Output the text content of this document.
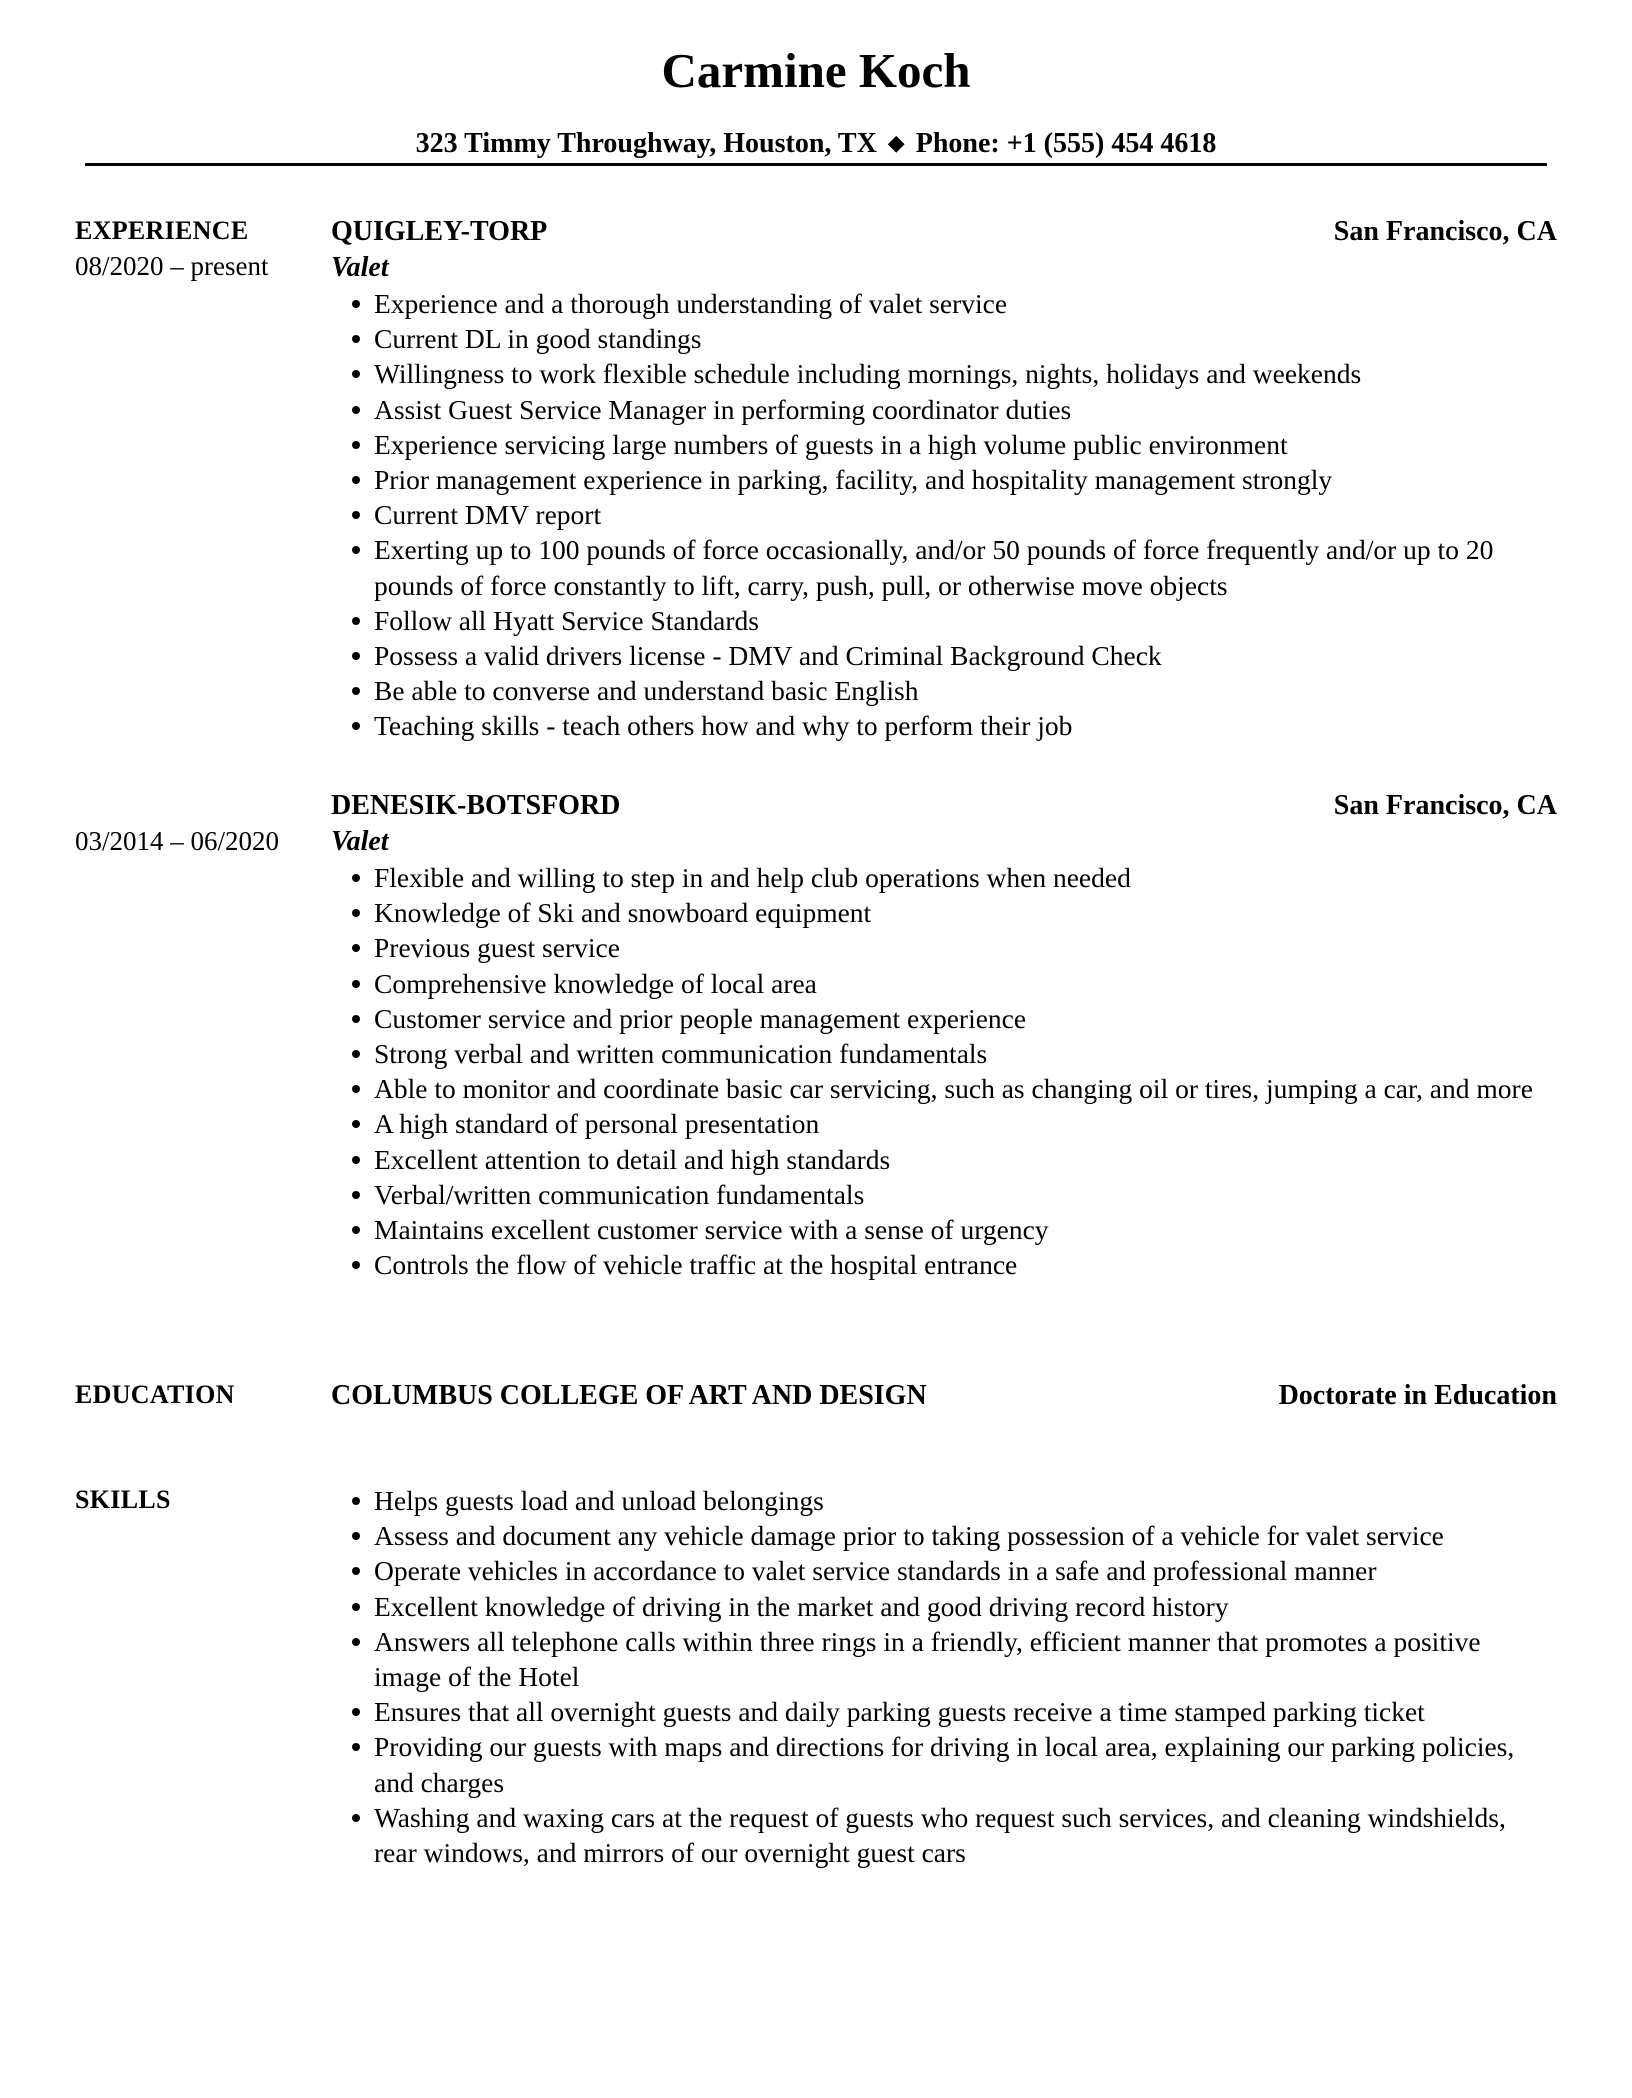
Carmine Koch
323 Timmy Throughway, Houston, TX ◆ Phone: +1 (555) 454 4618
EXPERIENCE
08/2020 – present
QUIGLEY-TORP	San Francisco, CA
Valet
Experience and a thorough understanding of valet service
Current DL in good standings
Willingness to work flexible schedule including mornings, nights, holidays and weekends
Assist Guest Service Manager in performing coordinator duties
Experience servicing large numbers of guests in a high volume public environment
Prior management experience in parking, facility, and hospitality management strongly
Current DMV report
Exerting up to 100 pounds of force occasionally, and/or 50 pounds of force frequently and/or up to 20 pounds of force constantly to lift, carry, push, pull, or otherwise move objects
Follow all Hyatt Service Standards
Possess a valid drivers license - DMV and Criminal Background Check
Be able to converse and understand basic English
Teaching skills - teach others how and why to perform their job
DENESIK-BOTSFORD	San Francisco, CA
03/2014 – 06/2020 Valet
Flexible and willing to step in and help club operations when needed
Knowledge of Ski and snowboard equipment
Previous guest service
Comprehensive knowledge of local area
Customer service and prior people management experience
Strong verbal and written communication fundamentals
Able to monitor and coordinate basic car servicing, such as changing oil or tires, jumping a car, and more
A high standard of personal presentation
Excellent attention to detail and high standards
Verbal/written communication fundamentals
Maintains excellent customer service with a sense of urgency
Controls the flow of vehicle traffic at the hospital entrance
EDUCATION	COLUMBUS COLLEGE OF ART AND DESIGN	Doctorate in Education
SKILLS	Helps guests load and unload belongings
Assess and document any vehicle damage prior to taking possession of a vehicle for valet service
Operate vehicles in accordance to valet service standards in a safe and professional manner
Excellent knowledge of driving in the market and good driving record history
Answers all telephone calls within three rings in a friendly, efficient manner that promotes a positive image of the Hotel
Ensures that all overnight guests and daily parking guests receive a time stamped parking ticket
Providing our guests with maps and directions for driving in local area, explaining our parking policies, and charges
Washing and waxing cars at the request of guests who request such services, and cleaning windshields, rear windows, and mirrors of our overnight guest cars
